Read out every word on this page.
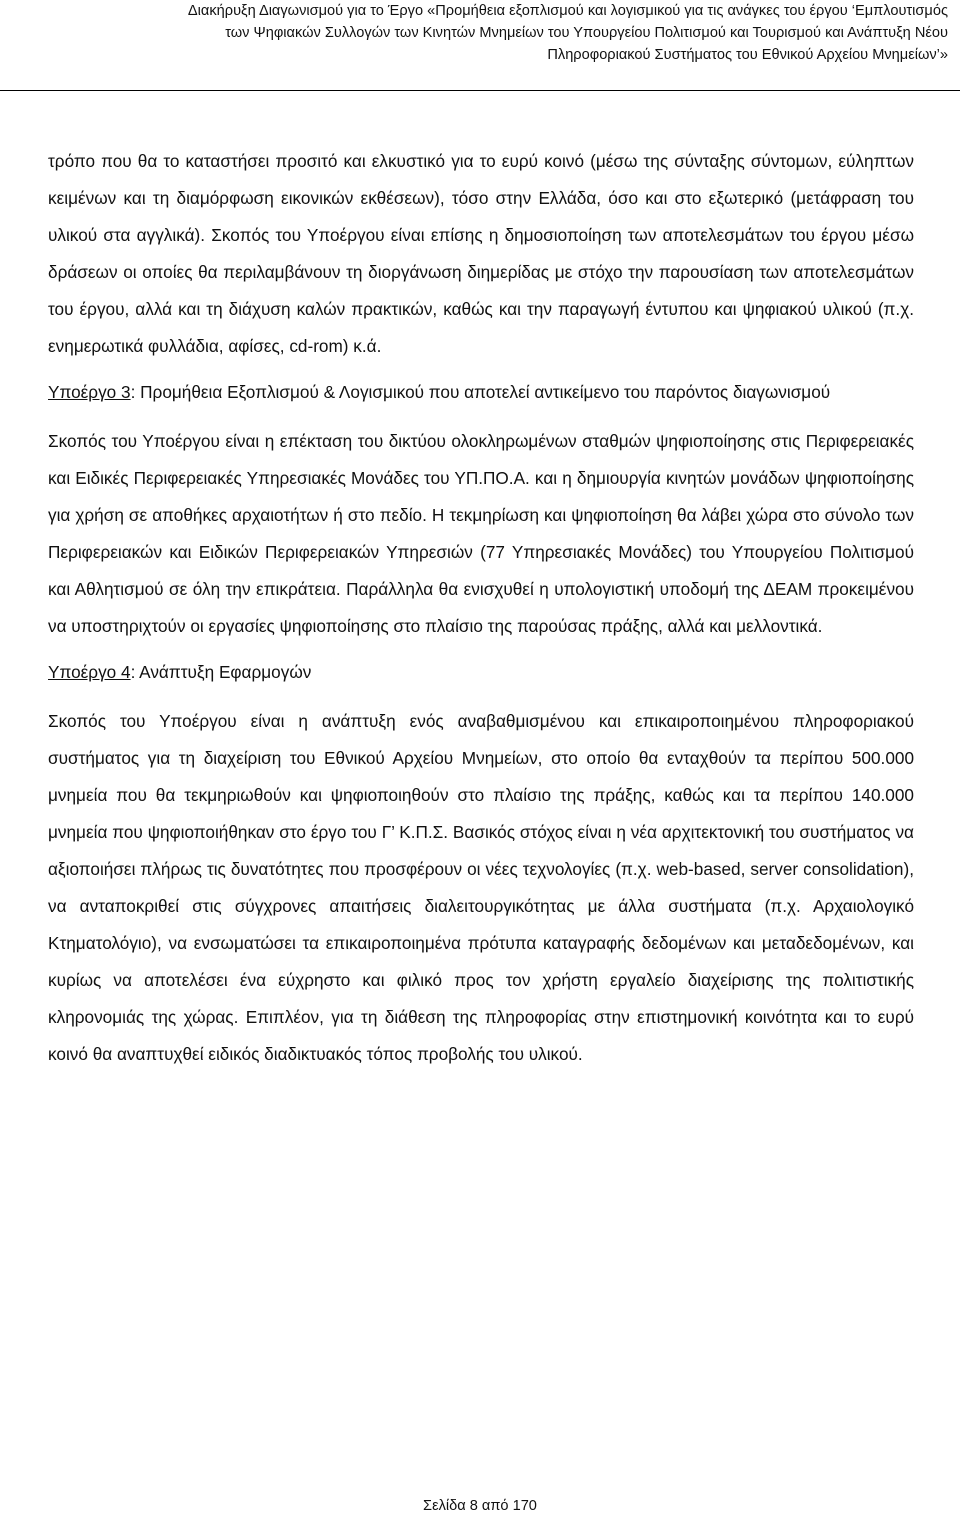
Διακήρυξη Διαγωνισμού για το Έργο «Προμήθεια εξοπλισμού και λογισμικού για τις ανάγκες του έργου ‘Εμπλουτισμός
των Ψηφιακών Συλλογών των Κινητών Μνημείων του Υπουργείου Πολιτισμού και Τουρισμού και Ανάπτυξη Νέου
Πληροφοριακού Συστήματος του Εθνικού Αρχείου Μνημείων’»

τρόπο που θα το καταστήσει προσιτό και ελκυστικό για το ευρύ κοινό (μέσω της σύνταξης σύντομων, εύληπτων κειμένων και τη διαμόρφωση εικονικών εκθέσεων), τόσο στην Ελλάδα, όσο και στο εξωτερικό (μετάφραση του υλικού στα αγγλικά). Σκοπός του Υποέργου είναι επίσης η δημοσιοποίηση των αποτελεσμάτων του έργου μέσω δράσεων οι οποίες θα περιλαμβάνουν τη διοργάνωση διημερίδας με στόχο την παρουσίαση των αποτελεσμάτων του έργου, αλλά και τη διάχυση καλών πρακτικών, καθώς και την παραγωγή έντυπου και ψηφιακού υλικού (π.χ. ενημερωτικά φυλλάδια, αφίσες, cd-rom) κ.ά.

Υποέργο 3: Προμήθεια Εξοπλισμού & Λογισμικού που αποτελεί αντικείμενο του παρόντος διαγωνισμού

Σκοπός του Υποέργου είναι η επέκταση του δικτύου ολοκληρωμένων σταθμών ψηφιοποίησης στις Περιφερειακές και Ειδικές Περιφερειακές Υπηρεσιακές Μονάδες του ΥΠ.ΠΟ.Α. και η δημιουργία κινητών μονάδων ψηφιοποίησης για χρήση σε αποθήκες αρχαιοτήτων ή στο πεδίο. Η τεκμηρίωση και ψηφιοποίηση θα λάβει χώρα στο σύνολο των Περιφερειακών και Ειδικών Περιφερειακών Υπηρεσιών (77 Υπηρεσιακές Μονάδες) του Υπουργείου Πολιτισμού και Αθλητισμού σε όλη την επικράτεια. Παράλληλα θα ενισχυθεί η υπολογιστική υποδομή της ΔΕΑΜ προκειμένου να υποστηριχτούν οι εργασίες ψηφιοποίησης στο πλαίσιο της παρούσας πράξης, αλλά και μελλοντικά.

Υποέργο 4: Ανάπτυξη Εφαρμογών

Σκοπός του Υποέργου είναι η ανάπτυξη ενός αναβαθμισμένου και επικαιροποιημένου πληροφοριακού συστήματος για τη διαχείριση του Εθνικού Αρχείου Μνημείων, στο οποίο θα ενταχθούν τα περίπου 500.000 μνημεία που θα τεκμηριωθούν και ψηφιοποιηθούν στο πλαίσιο της πράξης, καθώς και τα περίπου 140.000 μνημεία που ψηφιοποιήθηκαν στο έργο του Γ’ Κ.Π.Σ. Βασικός στόχος είναι η νέα αρχιτεκτονική του συστήματος να αξιοποιήσει πλήρως τις δυνατότητες που προσφέρουν οι νέες τεχνολογίες (π.χ. web-based, server consolidation), να ανταποκριθεί στις σύγχρονες απαιτήσεις διαλειτουργικότητας με άλλα συστήματα (π.χ. Αρχαιολογικό Κτηματολόγιο), να ενσωματώσει τα επικαιροποιημένα πρότυπα καταγραφής δεδομένων και μεταδεδομένων, και κυρίως να αποτελέσει ένα εύχρηστο και φιλικό προς τον χρήστη εργαλείο διαχείρισης της πολιτιστικής κληρονομιάς της χώρας. Επιπλέον, για τη διάθεση της πληροφορίας στην επιστημονική κοινότητα και το ευρύ κοινό θα αναπτυχθεί ειδικός διαδικτυακός τόπος προβολής του υλικού.

Σελίδα 8 από 170
